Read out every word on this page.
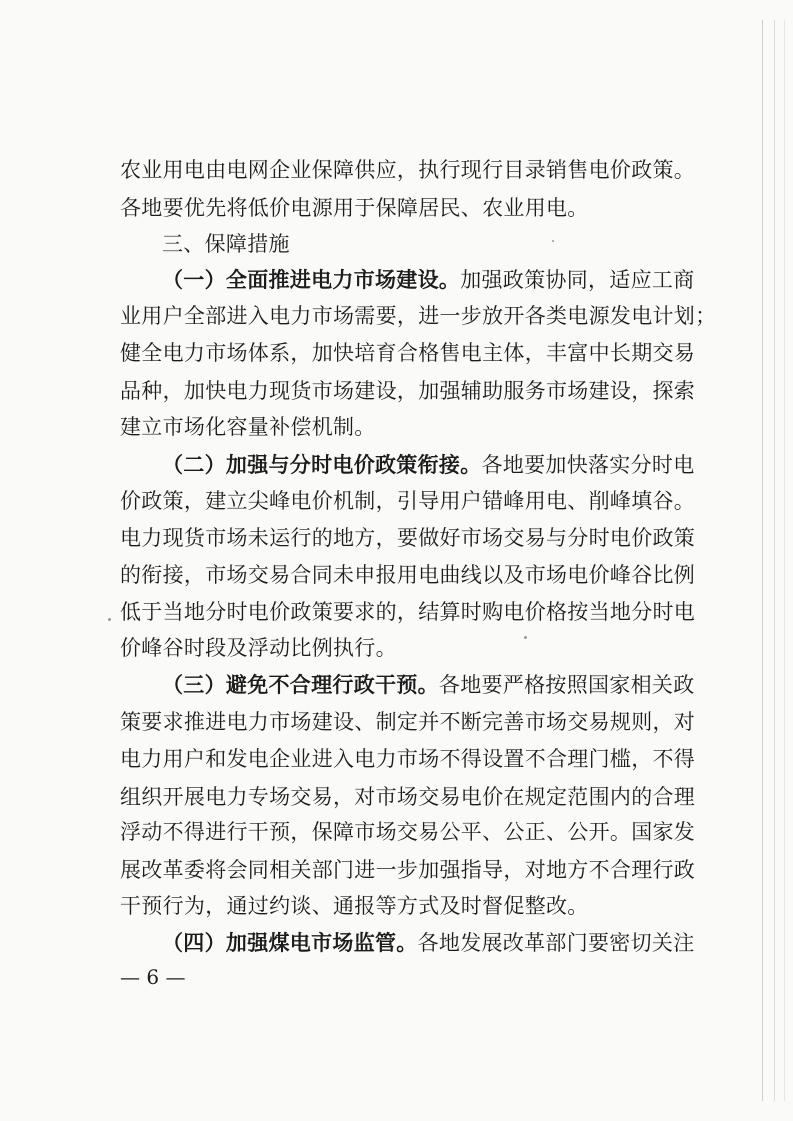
农业用电由电网企业保障供应，执行现行目录销售电价政策。
各地要优先将低价电源用于保障居民、农业用电。
三、保障措施
（一）全面推进电力市场建设。加强政策协同，适应工商
业用户全部进入电力市场需要，进一步放开各类电源发电计划；
健全电力市场体系，加快培育合格售电主体，丰富中长期交易
品种，加快电力现货市场建设，加强辅助服务市场建设，探索
建立市场化容量补偿机制。
（二）加强与分时电价政策衔接。各地要加快落实分时电
价政策，建立尖峰电价机制，引导用户错峰用电、削峰填谷。
电力现货市场未运行的地方，要做好市场交易与分时电价政策
的衔接，市场交易合同未申报用电曲线以及市场电价峰谷比例
低于当地分时电价政策要求的，结算时购电价格按当地分时电
价峰谷时段及浮动比例执行。
（三）避免不合理行政干预。各地要严格按照国家相关政
策要求推进电力市场建设、制定并不断完善市场交易规则，对
电力用户和发电企业进入电力市场不得设置不合理门槛，不得
组织开展电力专场交易，对市场交易电价在规定范围内的合理
浮动不得进行干预，保障市场交易公平、公正、公开。国家发
展改革委将会同相关部门进一步加强指导，对地方不合理行政
干预行为，通过约谈、通报等方式及时督促整改。
（四）加强煤电市场监管。各地发展改革部门要密切关注
— 6 —
